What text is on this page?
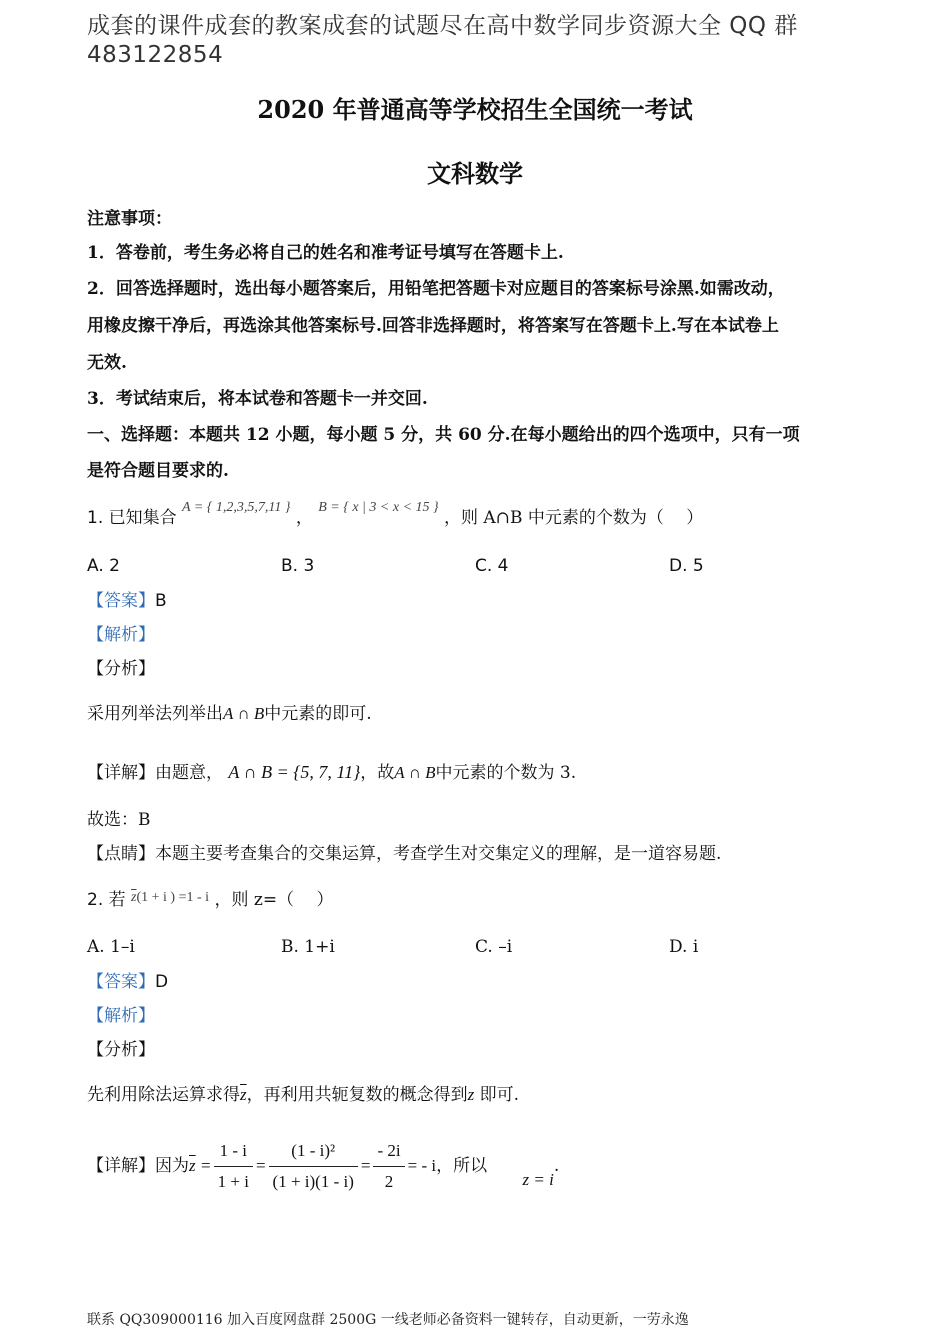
成套的课件成套的教案成套的试题尽在高中数学同步资源大全 QQ 群 483122854
2020 年普通高等学校招生全国统一考试
文科数学
注意事项：
1．答卷前，考生务必将自己的姓名和准考证号填写在答题卡上.
2．回答选择题时，选出每小题答案后，用铅笔把答题卡对应题目的答案标号涂黑.如需改动，
用橡皮擦干净后，再选涂其他答案标号.回答非选择题时，将答案写在答题卡上.写在本试卷上
无效.
3．考试结束后，将本试卷和答题卡一并交回.
一、选择题：本题共 12 小题，每小题 5 分，共 60 分.在每小题给出的四个选项中，只有一项
是符合题目要求的.
1. 已知集合 $^{A = \{ 1,2,3,5,7,11 \}}$ ， $^{B = \{ x | 3 < x < 15 \}}$ ，则 A∩B 中元素的个数为（　 ）
A. 2	B. 3	C. 4	D. 5
【答案】B
【解析】
【分析】
采用列举法列举出A ∩ B中元素的即可.
【详解】由题意， A ∩ B = {5, 7, 11}，故A ∩ B中元素的个数为 3.
故选：B
【点睛】本题主要考查集合的交集运算，考查学生对交集定义的理解，是一道容易题.
2. 若 $^{\overline{z}(1 + i ) =1 - i}$ ，则 z=（　 ）
A. 1–i	B. 1+i	C. –i	D. i
【答案】D
【解析】
【分析】
先利用除法运算求得$\overline{z}$，再利用共轭复数的概念得到z 即可.
【详解】因为$\overline{z} = \frac{1 - i}{1 + i} = \frac{\text{(1 - i)²}}{(1 + i)(1 - i)} = \frac{- 2i}{2}$ = - i，所以 z = i.
联系 QQ309000116 加入百度网盘群 2500G 一线老师必备资料一键转存，自动更新，一劳永逸
